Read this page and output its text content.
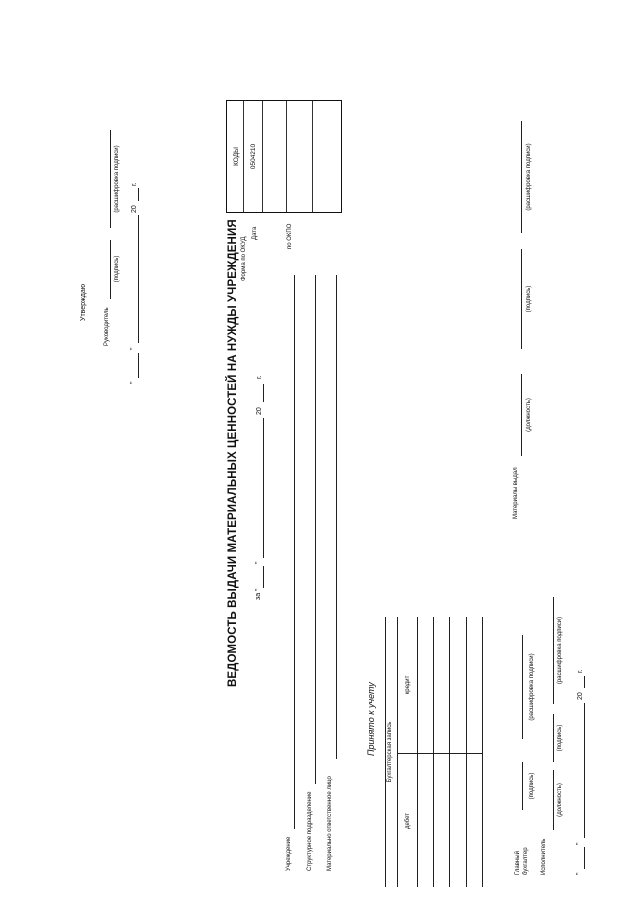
Утверждаю
Руководитель
(подпись)
(расшифровка подписи)
"
"
20
г.
ВЕДОМОСТЬ ВЫДАЧИ МАТЕРИАЛЬНЫХ ЦЕННОСТЕЙ НА НУЖДЫ УЧРЕЖДЕНИЯ за "
"
20
г.
Форма по ОКУД
Дата	по ОКПО
КОДЫ 0504210
Учреждение	Структурное подразделение Материально ответственное лицо
Материалы выдал
(должность)
(подпись)
(расшифровка подписи)
Принято к учету Бухгалтерская запись
дебет
кредит
Главный бухгалтер
(подпись)
(расшифровка подписи)
Исполнитель
(должность)
(подпись)
(расшифровка подписи)
"
"
20
г.
